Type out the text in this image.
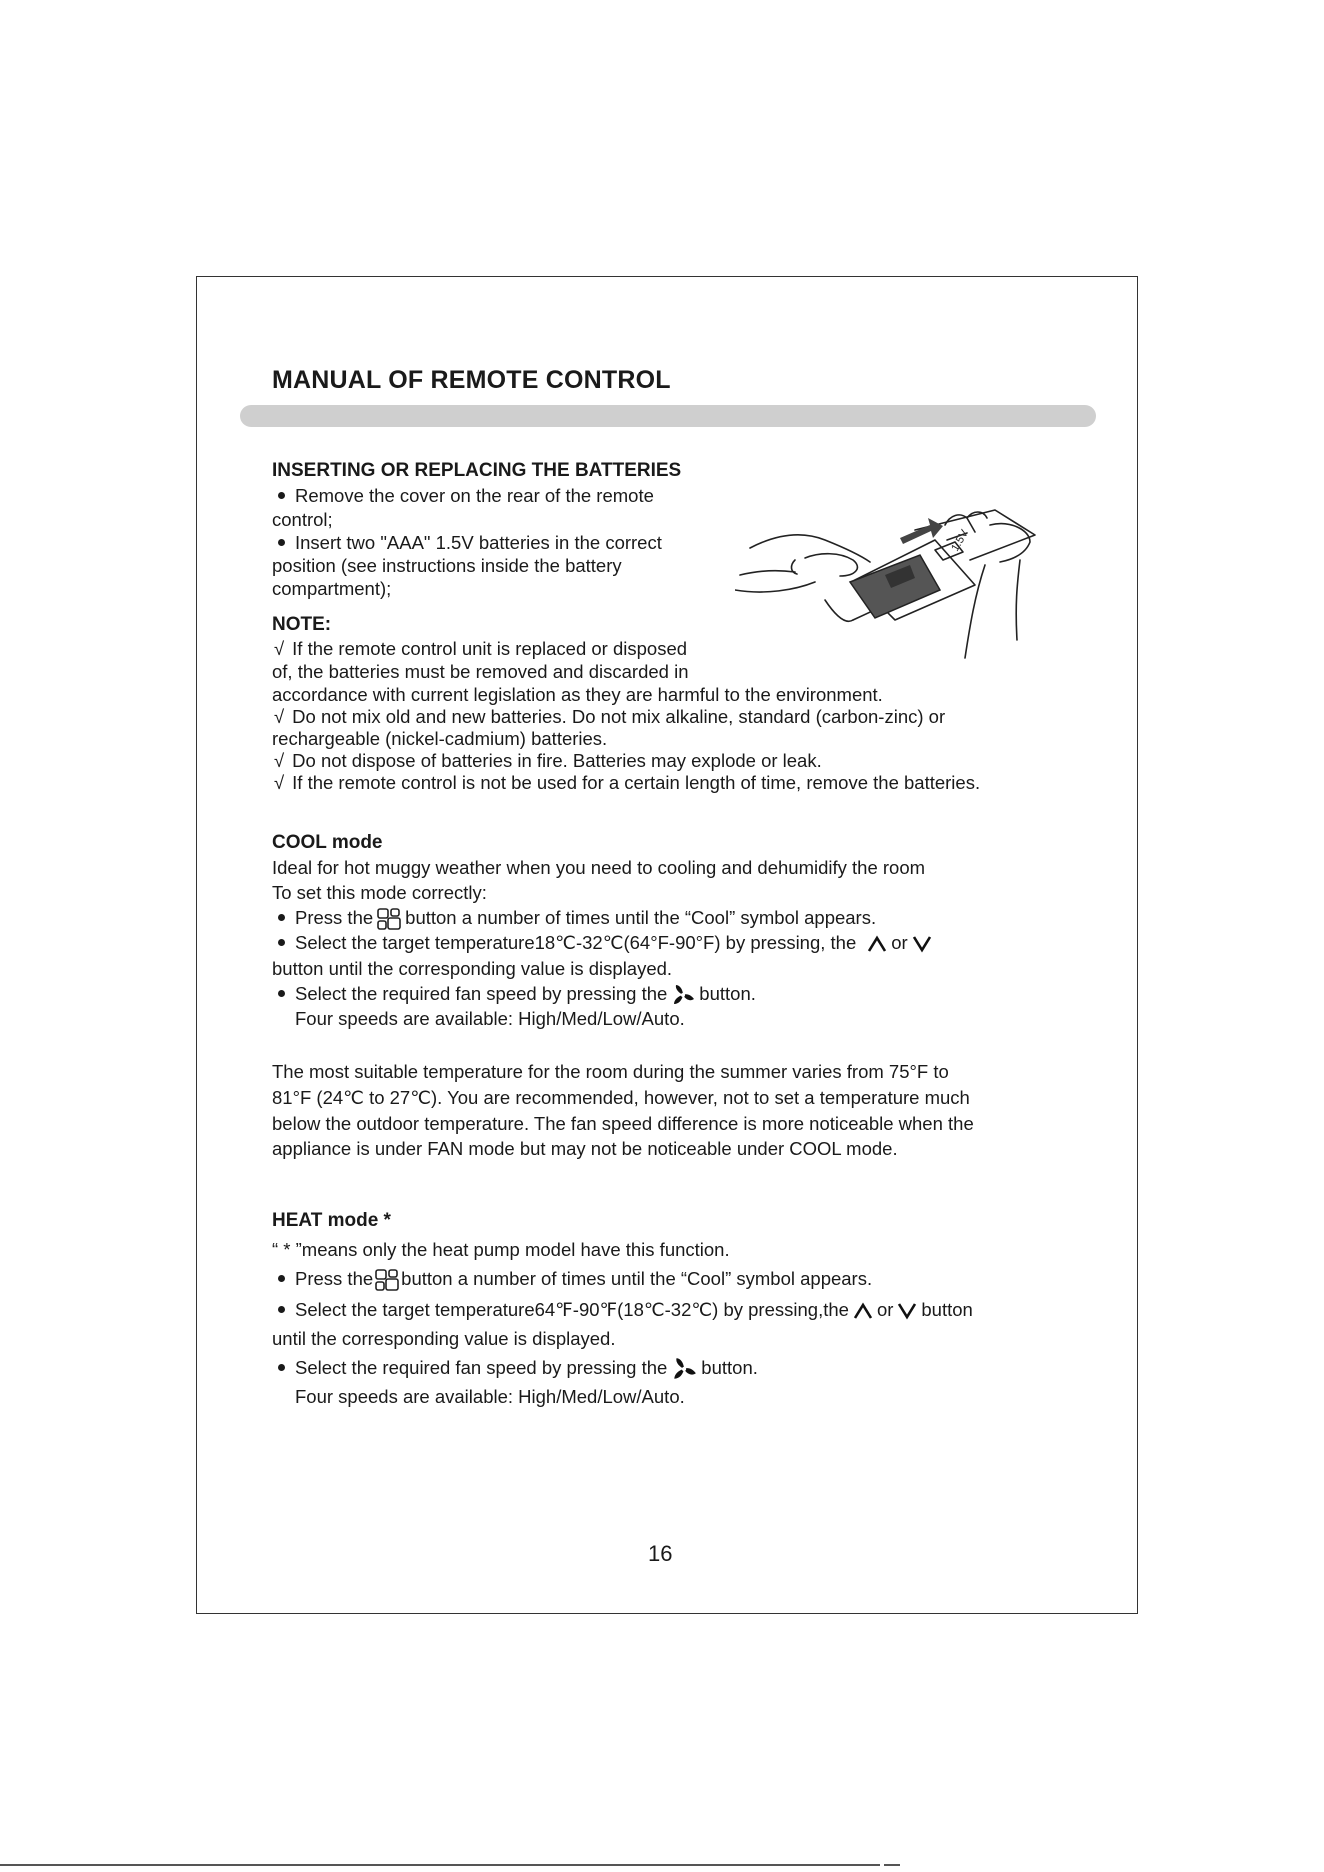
MANUAL OF REMOTE CONTROL
INSERTING OR REPLACING THE BATTERIES
Remove the cover on the rear of the remote
control;
Insert two "AAA" 1.5V batteries in the correct
position (see instructions inside the battery
compartment);
1.5V
NOTE:
√ If the remote control unit is replaced or disposed
of, the batteries must be removed and discarded in
accordance with current legislation as they are harmful to the environment.
√ Do not mix old and new batteries. Do not mix alkaline, standard (carbon-zinc) or
rechargeable (nickel-cadmium) batteries.
√ Do not dispose of batteries in fire. Batteries may explode or leak.
√ If the remote control is not be used for a certain length of time, remove the batteries.
COOL mode
Ideal for hot muggy weather when you need to cooling and dehumidify the room
To set this mode correctly:
Press the button a number of times until the “Cool” symbol appears.
Select the target temperature18℃-32℃(64°F-90°F) by pressing, the or
button until the corresponding value is displayed.
Select the required fan speed by pressing the button.
Four speeds are available: High/Med/Low/Auto.
The most suitable temperature for the room during the summer varies from 75°F to
81°F (24℃ to 27℃). You are recommended, however, not to set a temperature much
below the outdoor temperature. The fan speed difference is more noticeable when the
appliance is under FAN mode but may not be noticeable under COOL mode.
HEAT mode *
“ * ”means only the heat pump model have this function.
Press the button a number of times until the “Cool” symbol appears.
Select the target temperature64℉-90℉(18℃-32℃) by pressing,the or button
until the corresponding value is displayed.
Select the required fan speed by pressing the button.
Four speeds are available: High/Med/Low/Auto.
16
